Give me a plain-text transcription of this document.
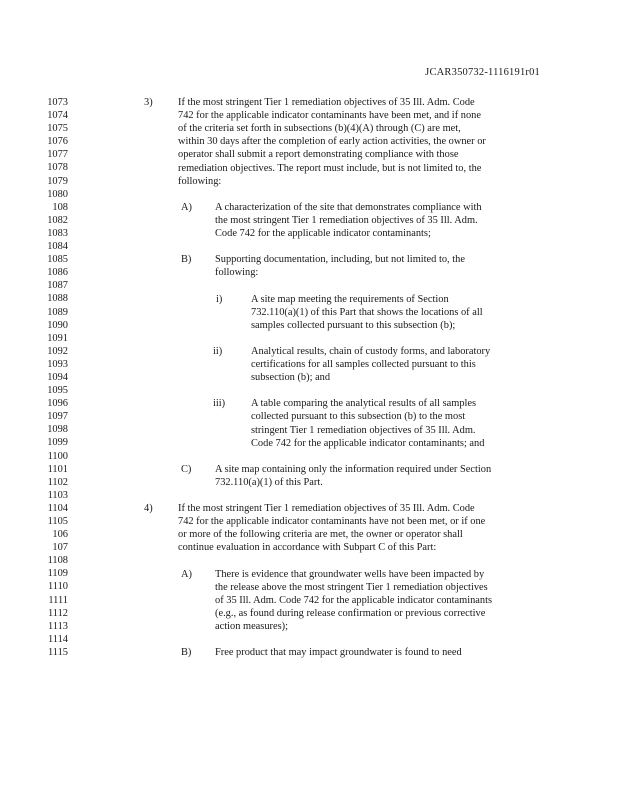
JCAR350732-1116191r01
1073
1074
1075
1076
1077
1078
1079
1080
108
1082
1083
1084
1085
1086
1087
1088
1089
1090
1091
1092
1093
1094
1095
1096
1097
1098
1099
1100
1101
1102
1103
1104
1105
106
107
1108
1109
1110
1111
1112
1113
1114
1115
3) If the most stringent Tier 1 remediation objectives of 35 Ill. Adm. Code
742 for the applicable indicator contaminants have been met, and if none
of the criteria set forth in subsections (b)(4)(A) through (C) are met,
within 30 days after the completion of early action activities, the owner or
operator shall submit a report demonstrating compliance with those
remediation objectives. The report must include, but is not limited to, the
following:
A) A characterization of the site that demonstrates compliance with
the most stringent Tier 1 remediation objectives of 35 Ill. Adm.
Code 742 for the applicable indicator contaminants;
B) Supporting documentation, including, but not limited to, the
following:
i)	A site map meeting the requirements of Section
732.110(a)(1) of this Part that shows the locations of all
samples collected pursuant to this subsection (b);
ii)	Analytical results, chain of custody forms, and laboratory
certifications for all samples collected pursuant to this
subsection (b); and
iii) A table comparing the analytical results of all samples
collected pursuant to this subsection (b) to the most
stringent Tier 1 remediation objectives of 35 Ill. Adm.
Code 742 for the applicable indicator contaminants; and
C) A site map containing only the information required under Section
732.110(a)(1) of this Part.
4) If the most stringent Tier 1 remediation objectives of 35 Ill. Adm. Code
742 for the applicable indicator contaminants have not been met, or if one
or more of the following criteria are met, the owner or operator shall
continue evaluation in accordance with Subpart C of this Part:
A) There is evidence that groundwater wells have been impacted by
the release above the most stringent Tier 1 remediation objectives
of 35 Ill. Adm. Code 742 for the applicable indicator contaminants
(e.g., as found during release confirmation or previous corrective
action measures);
B) Free product that may impact groundwater is found to need
